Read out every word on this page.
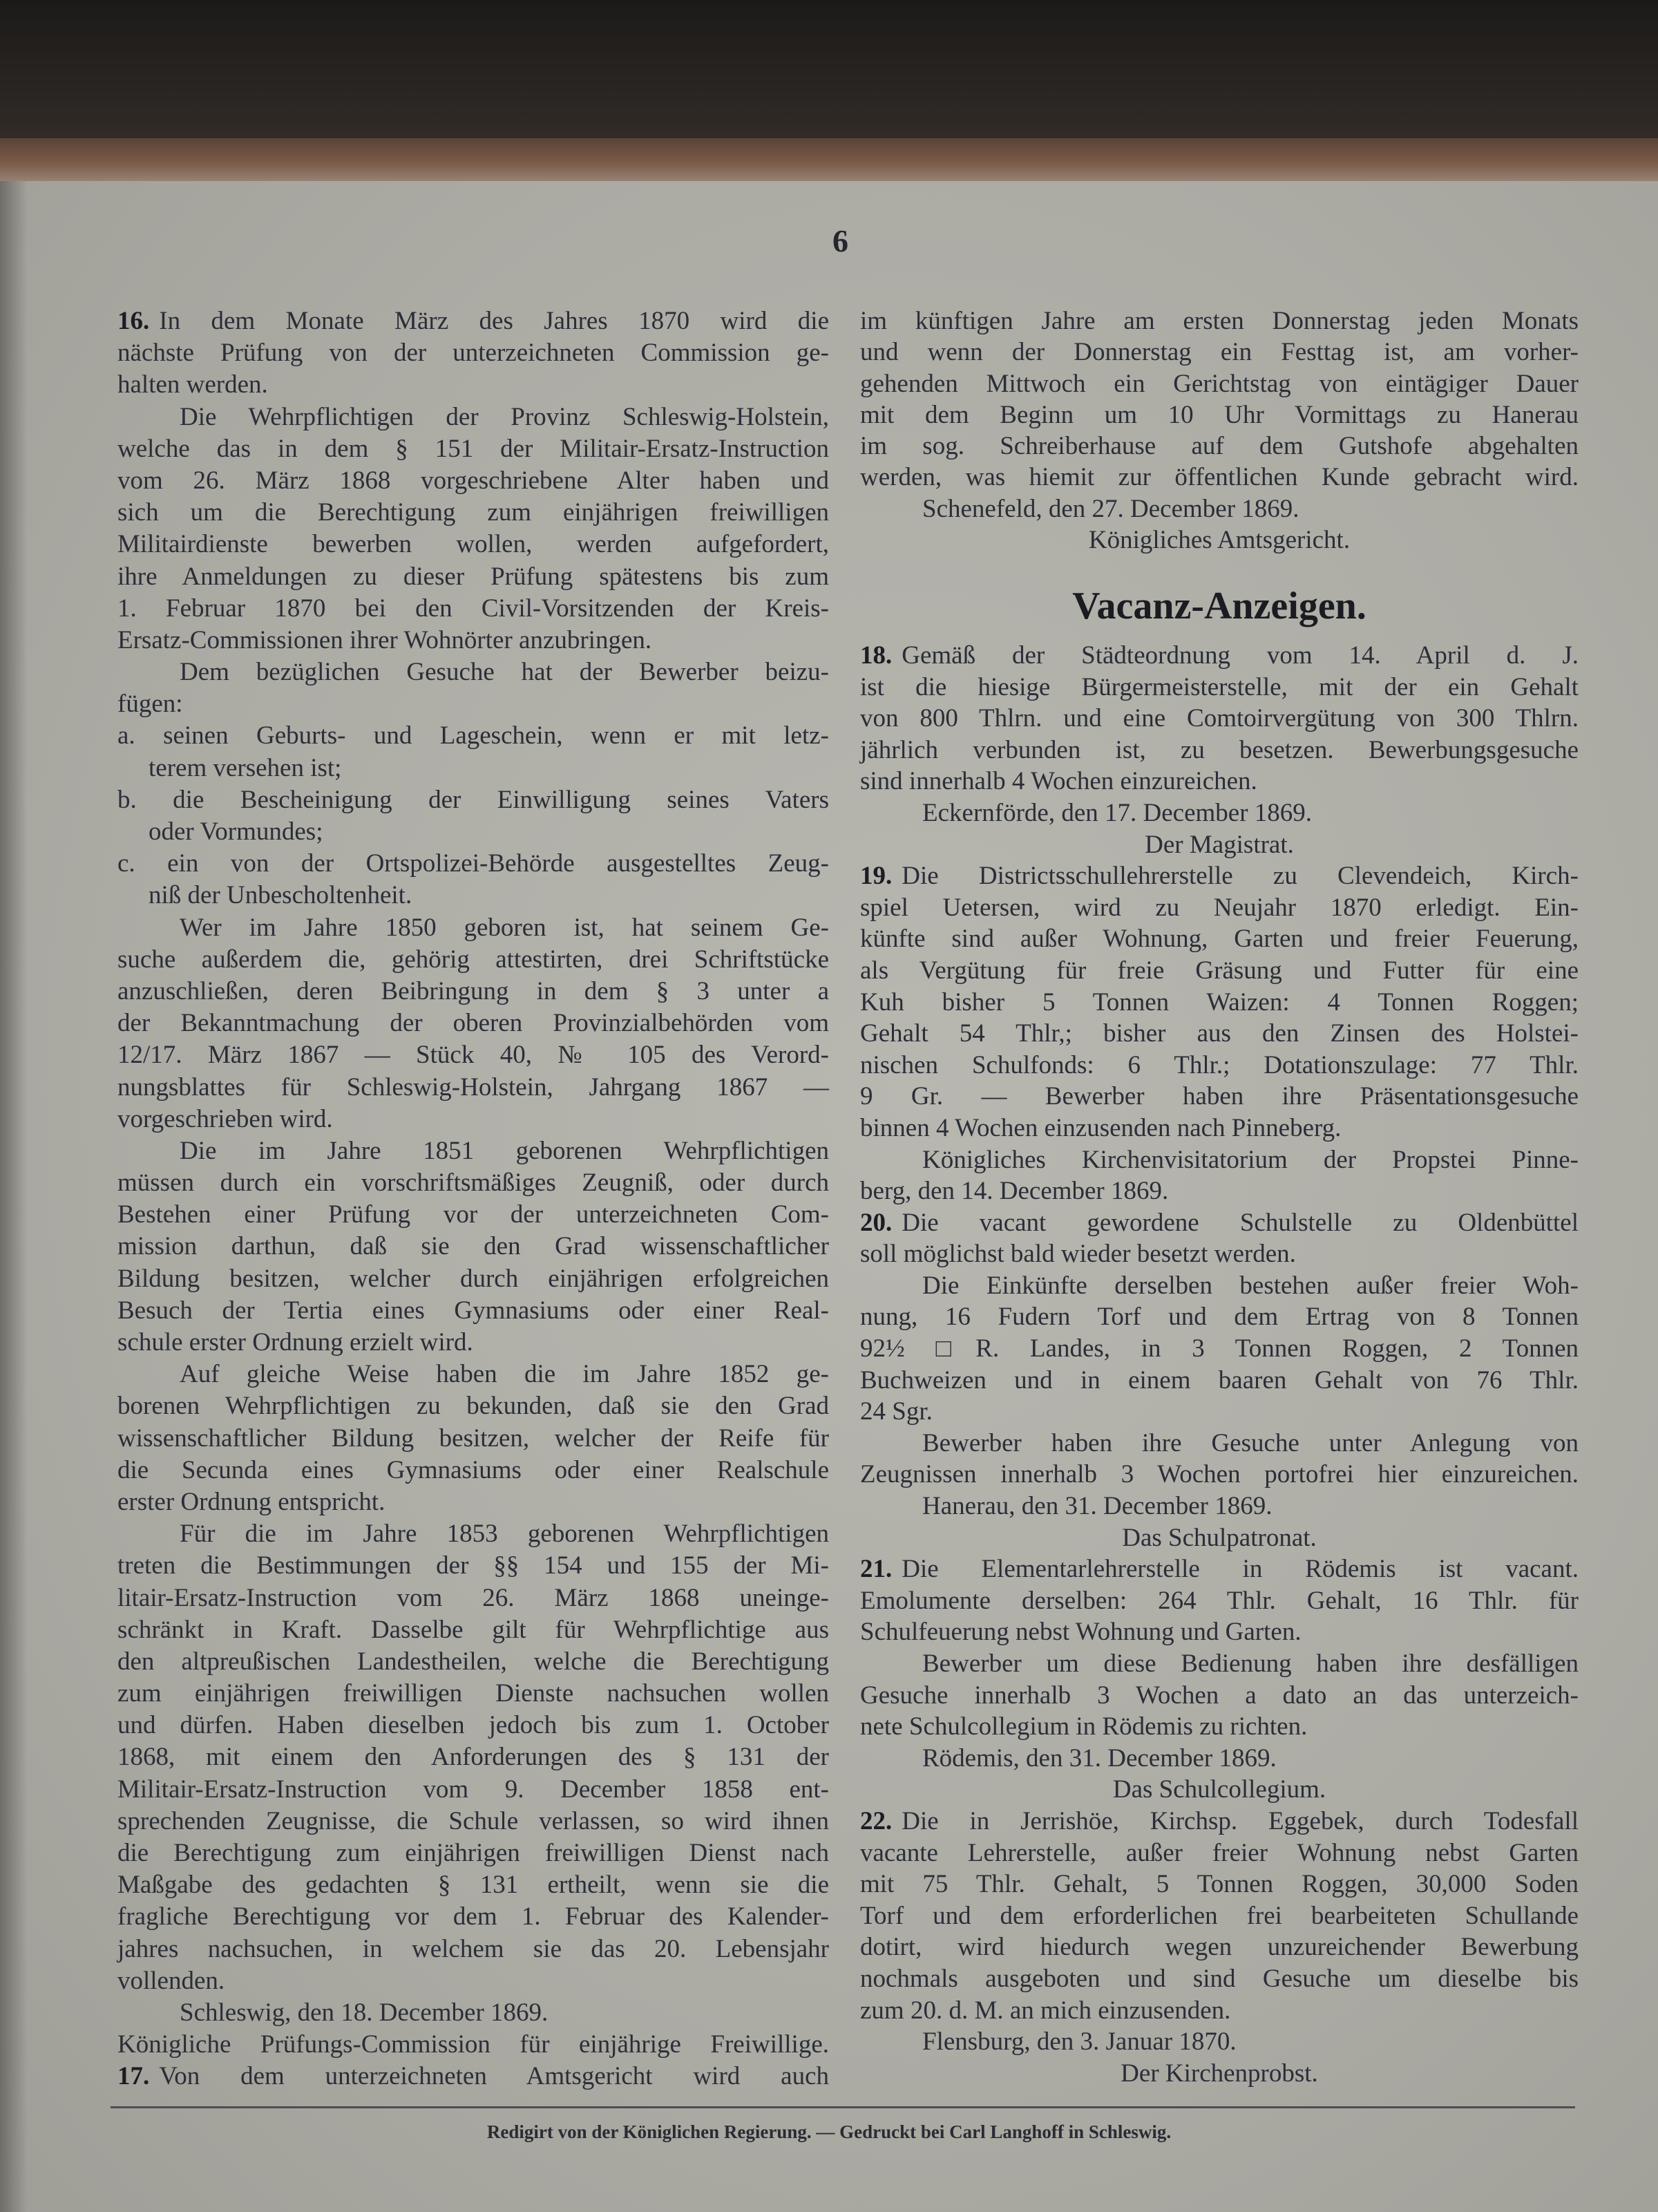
6
16. In dem Monate März des Jahres 1870 wird die
nächste Prüfung von der unterzeichneten Commission ge-
halten werden.
Die Wehrpflichtigen der Provinz Schleswig-Holstein,
welche das in dem § 151 der Militair-Ersatz-Instruction
vom 26. März 1868 vorgeschriebene Alter haben und
sich um die Berechtigung zum einjährigen freiwilligen
Militairdienste bewerben wollen, werden aufgefordert,
ihre Anmeldungen zu dieser Prüfung spätestens bis zum
1. Februar 1870 bei den Civil-Vorsitzenden der Kreis-
Ersatz-Commissionen ihrer Wohnörter anzubringen.
Dem bezüglichen Gesuche hat der Bewerber beizu-
fügen:
a. seinen Geburts- und Lageschein, wenn er mit letz-
terem versehen ist;
b. die Bescheinigung der Einwilligung seines Vaters
oder Vormundes;
c. ein von der Ortspolizei-Behörde ausgestelltes Zeug-
niß der Unbescholtenheit.
Wer im Jahre 1850 geboren ist, hat seinem Ge-
suche außerdem die, gehörig attestirten, drei Schriftstücke
anzuschließen, deren Beibringung in dem § 3 unter a
der Bekanntmachung der oberen Provinzialbehörden vom
12/17. März 1867 — Stück 40, № 105 des Verord-
nungsblattes für Schleswig-Holstein, Jahrgang 1867 —
vorgeschrieben wird.
Die im Jahre 1851 geborenen Wehrpflichtigen
müssen durch ein vorschriftsmäßiges Zeugniß, oder durch
Bestehen einer Prüfung vor der unterzeichneten Com-
mission darthun, daß sie den Grad wissenschaftlicher
Bildung besitzen, welcher durch einjährigen erfolgreichen
Besuch der Tertia eines Gymnasiums oder einer Real-
schule erster Ordnung erzielt wird.
Auf gleiche Weise haben die im Jahre 1852 ge-
borenen Wehrpflichtigen zu bekunden, daß sie den Grad
wissenschaftlicher Bildung besitzen, welcher der Reife für
die Secunda eines Gymnasiums oder einer Realschule
erster Ordnung entspricht.
Für die im Jahre 1853 geborenen Wehrpflichtigen
treten die Bestimmungen der §§ 154 und 155 der Mi-
litair-Ersatz-Instruction vom 26. März 1868 uneinge-
schränkt in Kraft. Dasselbe gilt für Wehrpflichtige aus
den altpreußischen Landestheilen, welche die Berechtigung
zum einjährigen freiwilligen Dienste nachsuchen wollen
und dürfen. Haben dieselben jedoch bis zum 1. October
1868, mit einem den Anforderungen des § 131 der
Militair-Ersatz-Instruction vom 9. December 1858 ent-
sprechenden Zeugnisse, die Schule verlassen, so wird ihnen
die Berechtigung zum einjährigen freiwilligen Dienst nach
Maßgabe des gedachten § 131 ertheilt, wenn sie die
fragliche Berechtigung vor dem 1. Februar des Kalender-
jahres nachsuchen, in welchem sie das 20. Lebensjahr
vollenden.
Schleswig, den 18. December 1869.
Königliche Prüfungs-Commission für einjährige Freiwillige.
17. Von dem unterzeichneten Amtsgericht wird auch
im künftigen Jahre am ersten Donnerstag jeden Monats
und wenn der Donnerstag ein Festtag ist, am vorher-
gehenden Mittwoch ein Gerichtstag von eintägiger Dauer
mit dem Beginn um 10 Uhr Vormittags zu Hanerau
im sog. Schreiberhause auf dem Gutshofe abgehalten
werden, was hiemit zur öffentlichen Kunde gebracht wird.
Schenefeld, den 27. December 1869.
Königliches Amtsgericht.
Vacanz-Anzeigen.
18. Gemäß der Städteordnung vom 14. April d. J.
ist die hiesige Bürgermeisterstelle, mit der ein Gehalt
von 800 Thlrn. und eine Comtoirvergütung von 300 Thlrn.
jährlich verbunden ist, zu besetzen. Bewerbungsgesuche
sind innerhalb 4 Wochen einzureichen.
Eckernförde, den 17. December 1869.
Der Magistrat.
19. Die Districtsschullehrerstelle zu Clevendeich, Kirch-
spiel Uetersen, wird zu Neujahr 1870 erledigt. Ein-
künfte sind außer Wohnung, Garten und freier Feuerung,
als Vergütung für freie Gräsung und Futter für eine
Kuh bisher 5 Tonnen Waizen: 4 Tonnen Roggen;
Gehalt 54 Thlr,; bisher aus den Zinsen des Holstei-
nischen Schulfonds: 6 Thlr.; Dotationszulage: 77 Thlr.
9 Gr. — Bewerber haben ihre Präsentationsgesuche
binnen 4 Wochen einzusenden nach Pinneberg.
Königliches Kirchenvisitatorium der Propstei Pinne-
berg, den 14. December 1869.
20. Die vacant gewordene Schulstelle zu Oldenbüttel
soll möglichst bald wieder besetzt werden.
Die Einkünfte derselben bestehen außer freier Woh-
nung, 16 Fudern Torf und dem Ertrag von 8 Tonnen
92½ □R. Landes, in 3 Tonnen Roggen, 2 Tonnen
Buchweizen und in einem baaren Gehalt von 76 Thlr.
24 Sgr.
Bewerber haben ihre Gesuche unter Anlegung von
Zeugnissen innerhalb 3 Wochen portofrei hier einzureichen.
Hanerau, den 31. December 1869.
Das Schulpatronat.
21. Die Elementarlehrerstelle in Rödemis ist vacant.
Emolumente derselben: 264 Thlr. Gehalt, 16 Thlr. für
Schulfeuerung nebst Wohnung und Garten.
Bewerber um diese Bedienung haben ihre desfälligen
Gesuche innerhalb 3 Wochen a dato an das unterzeich-
nete Schulcollegium in Rödemis zu richten.
Rödemis, den 31. December 1869.
Das Schulcollegium.
22. Die in Jerrishöe, Kirchsp. Eggebek, durch Todesfall
vacante Lehrerstelle, außer freier Wohnung nebst Garten
mit 75 Thlr. Gehalt, 5 Tonnen Roggen, 30,000 Soden
Torf und dem erforderlichen frei bearbeiteten Schullande
dotirt, wird hiedurch wegen unzureichender Bewerbung
nochmals ausgeboten und sind Gesuche um dieselbe bis
zum 20. d. M. an mich einzusenden.
Flensburg, den 3. Januar 1870.
Der Kirchenprobst.
Redigirt von der Königlichen Regierung. — Gedruckt bei Carl Langhoff in Schleswig.
